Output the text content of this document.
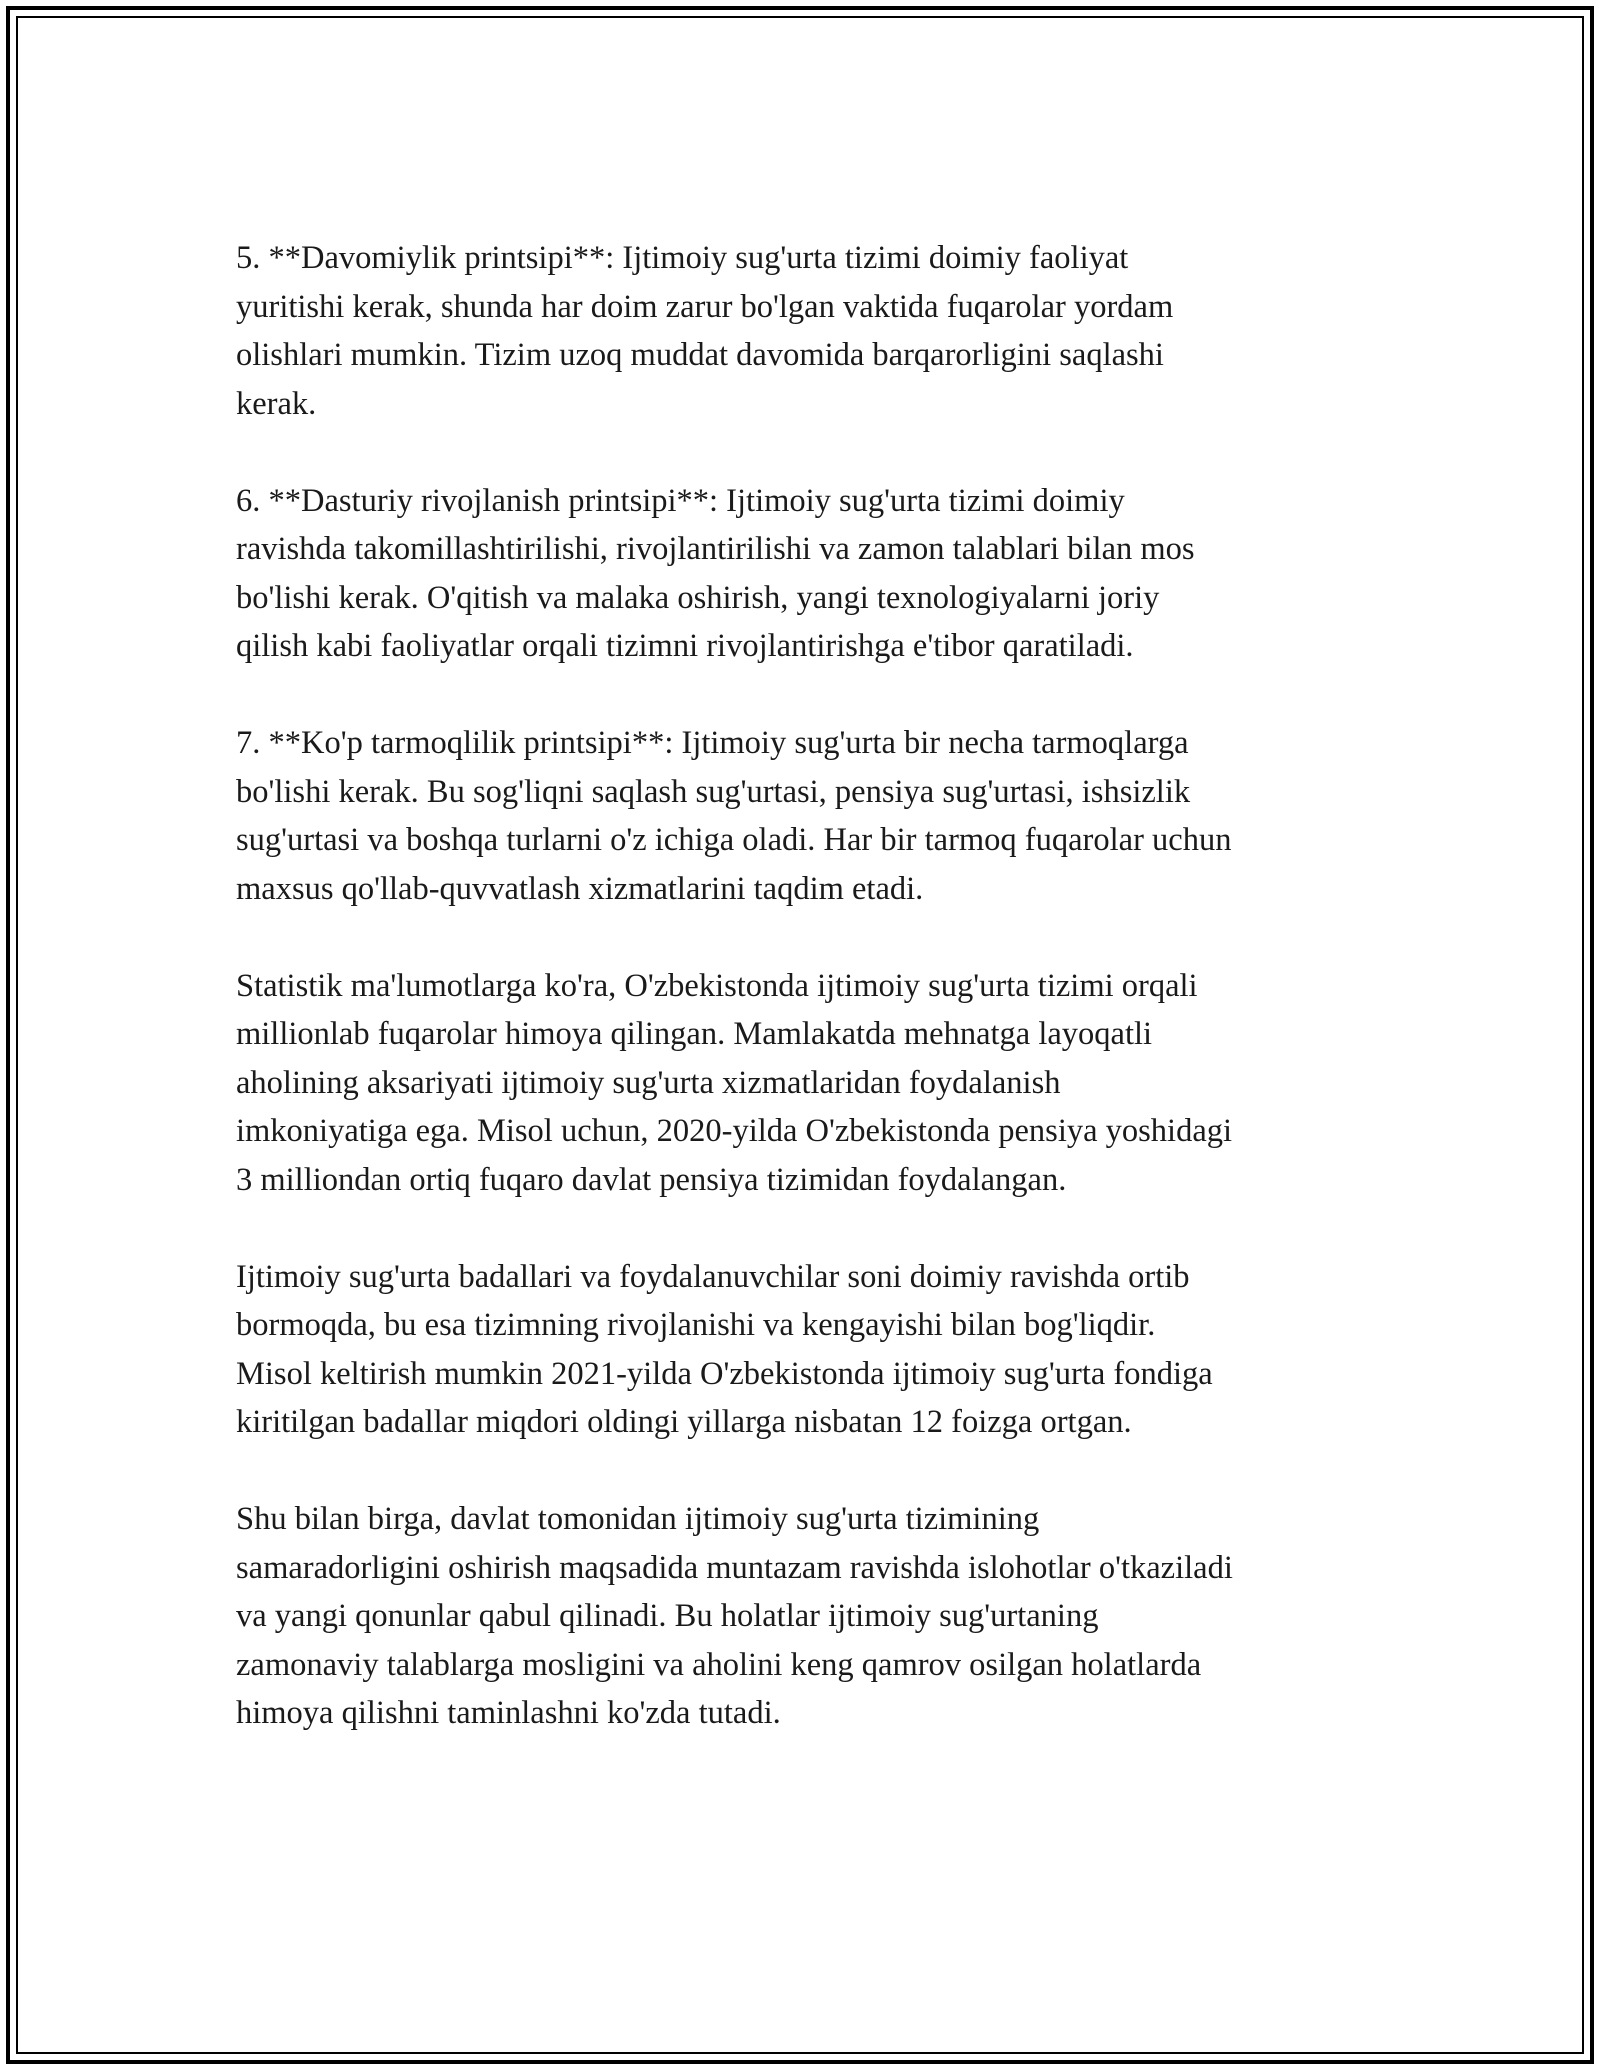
5. **Davomiylik printsipi**: Ijtimoiy sug'urta tizimi doimiy faoliyat
yuritishi kerak, shunda har doim zarur bo'lgan vaktida fuqarolar yordam
olishlari mumkin. Tizim uzoq muddat davomida barqarorligini saqlashi
kerak.

6. **Dasturiy rivojlanish printsipi**: Ijtimoiy sug'urta tizimi doimiy
ravishda takomillashtirilishi, rivojlantirilishi va zamon talablari bilan mos
bo'lishi kerak. O'qitish va malaka oshirish, yangi texnologiyalarni joriy
qilish kabi faoliyatlar orqali tizimni rivojlantirishga e'tibor qaratiladi.

7. **Ko'p tarmoqlilik printsipi**: Ijtimoiy sug'urta bir necha tarmoqlarga
bo'lishi kerak. Bu sog'liqni saqlash sug'urtasi, pensiya sug'urtasi, ishsizlik
sug'urtasi va boshqa turlarni o'z ichiga oladi. Har bir tarmoq fuqarolar uchun
maxsus qo'llab-quvvatlash xizmatlarini taqdim etadi.

Statistik ma'lumotlarga ko'ra, O'zbekistonda ijtimoiy sug'urta tizimi orqali
millionlab fuqarolar himoya qilingan. Mamlakatda mehnatga layoqatli
aholining aksariyati ijtimoiy sug'urta xizmatlaridan foydalanish
imkoniyatiga ega. Misol uchun, 2020-yilda O'zbekistonda pensiya yoshidagi
3 milliondan ortiq fuqaro davlat pensiya tizimidan foydalangan.

Ijtimoiy sug'urta badallari va foydalanuvchilar soni doimiy ravishda ortib
bormoqda, bu esa tizimning rivojlanishi va kengayishi bilan bog'liqdir.
Misol keltirish mumkin 2021-yilda O'zbekistonda ijtimoiy sug'urta fondiga
kiritilgan badallar miqdori oldingi yillarga nisbatan 12 foizga ortgan.

Shu bilan birga, davlat tomonidan ijtimoiy sug'urta tizimining
samaradorligini oshirish maqsadida muntazam ravishda islohotlar o'tkaziladi
va yangi qonunlar qabul qilinadi. Bu holatlar ijtimoiy sug'urtaning
zamonaviy talablarga mosligini va aholini keng qamrov osilgan holatlarda
himoya qilishni taminlashni ko'zda tutadi.
